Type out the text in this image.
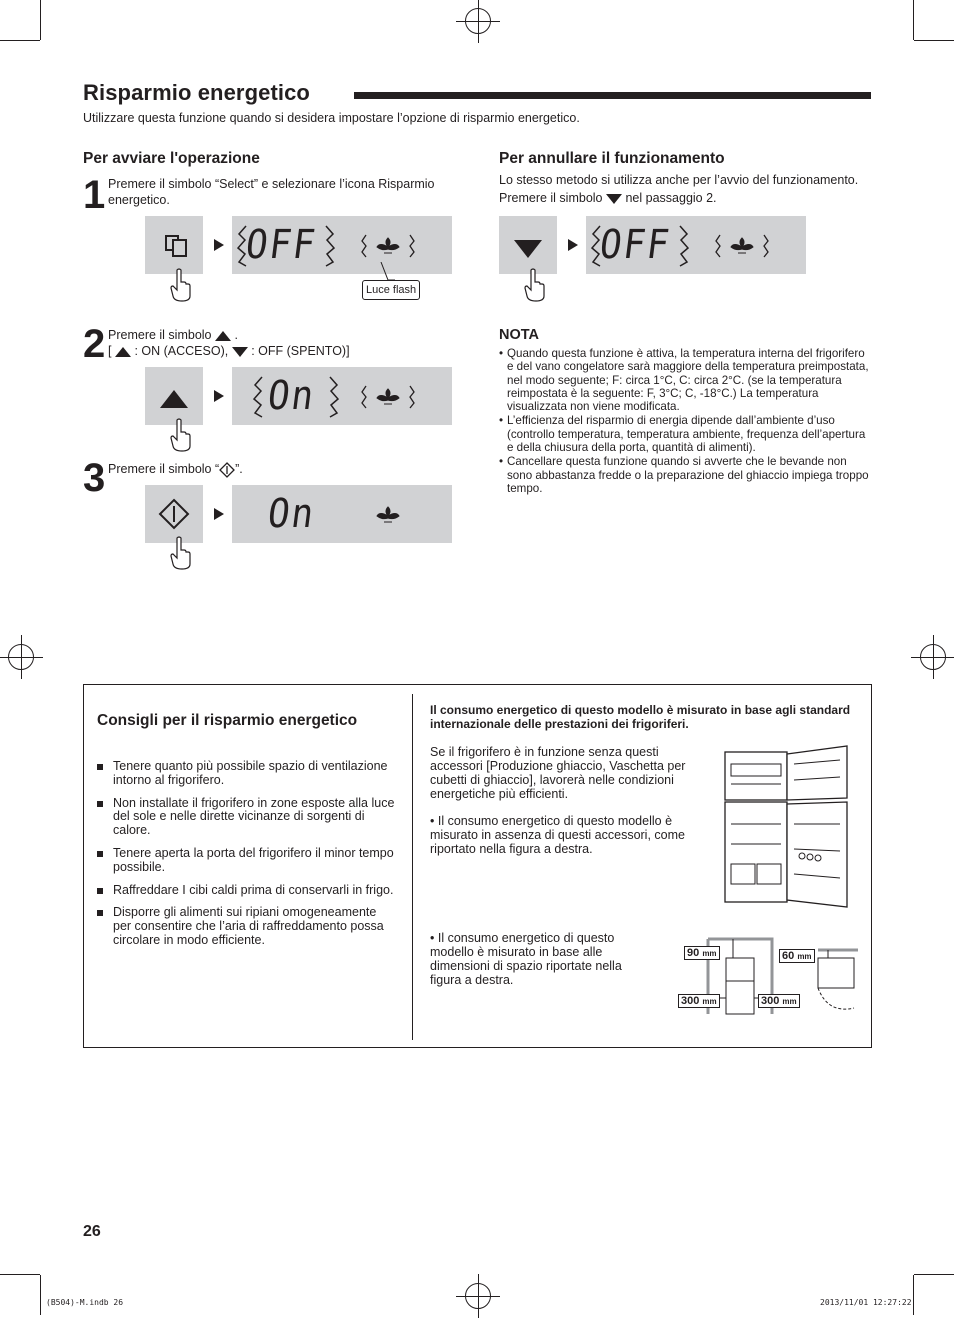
Risparmio energetico
Utilizzare questa funzione quando si desidera impostare l’opzione di risparmio energetico.
Per avviare l'operazione
1 Premere il simbolo “Select” e selezionare l’icona Risparmio energetico.
OFF
Luce flash
2 Premere il simbolo .
[ : ON (ACCESO), : OFF (SPENTO)]
On
3 Premere il simbolo “ ”.
On
Per annullare il funzionamento
Lo stesso metodo si utilizza anche per l’avvio del funzionamento.
Premere il simbolo nel passaggio 2.
OFF
NOTA
• Quando questa funzione è attiva, la temperatura interna del frigorifero e del vano congelatore sarà maggiore della temperatura preimpostata, nel modo seguente; F: circa 1°C, C: circa 2°C. (se la temperatura reimpostata è la seguente: F, 3°C; C, -18°C.) La temperatura visualizzata non viene modificata.
• L’efficienza del risparmio di energia dipende dall’ambiente d’uso (controllo temperatura, temperatura ambiente, frequenza dell’apertura e della chiusura della porta, quantità di alimenti).
• Cancellare questa funzione quando si avverte che le bevande non sono abbastanza fredde o la preparazione del ghiaccio impiega troppo tempo.
Consigli per il risparmio energetico
Tenere quanto più possibile spazio di ventilazione intorno al frigorifero.
Non installate il frigorifero in zone esposte alla luce del sole e nelle dirette vicinanze di sorgenti di calore.
Tenere aperta la porta del frigorifero il minor tempo possibile.
Raffreddare I cibi caldi prima di conservarli in frigo.
Disporre gli alimenti sui ripiani omogeneamente per consentire che l’aria di raffreddamento possa circolare in modo efficiente.
Il consumo energetico di questo modello è misurato in base agli standard internazionale delle prestazioni dei frigoriferi.
Se il frigorifero è in funzione senza questi accessori [Produzione ghiaccio, Vaschetta per cubetti di ghiaccio], lavorerà nelle condizioni energetiche più efficienti.
• Il consumo energetico di questo modello è misurato in assenza di questi accessori, come riportato nella figura a destra.
• Il consumo energetico di questo modello è misurato in base alle dimensioni di spazio riportate nella figura a destra.
90 mm
300 mm	300 mm
60 mm
26
(B504)-M.indb 26	2013/11/01 12:27:22
